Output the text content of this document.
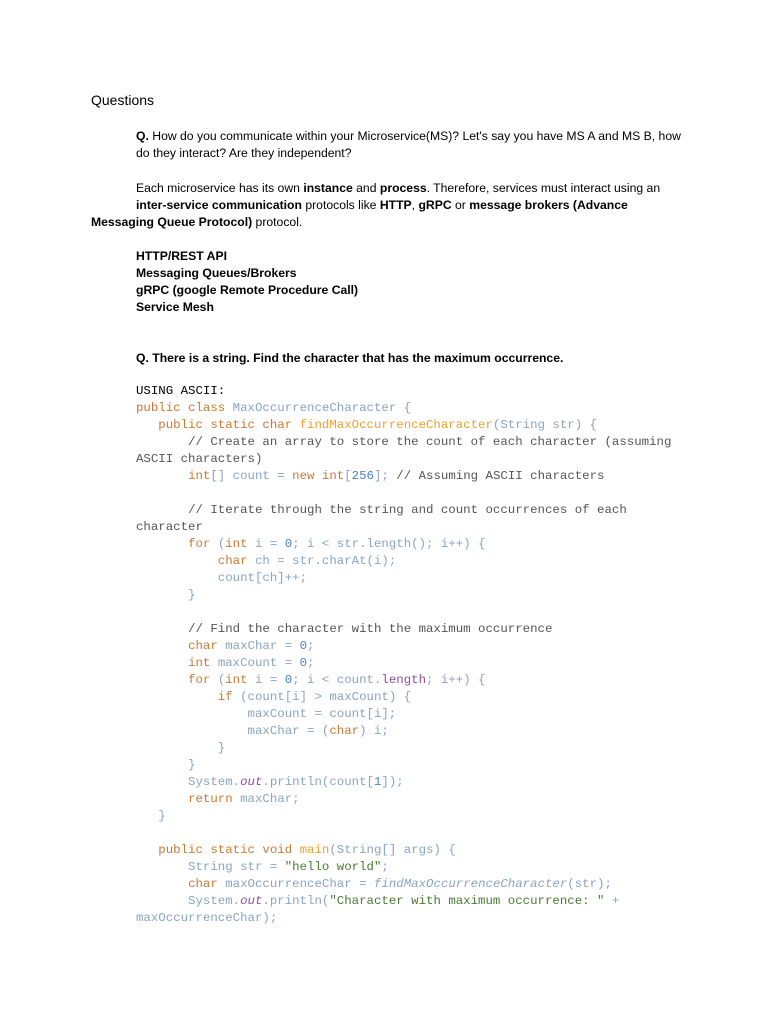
Questions

Q. How do you communicate within your Microservice(MS)? Let's say you have MS A and MS B, how do they interact? Are they independent?

Each microservice has its own instance and process. Therefore, services must interact using an
inter-service communication protocols like HTTP, gRPC or message brokers (Advance
Messaging Queue Protocol) protocol.

HTTP/REST API
Messaging Queues/Brokers
gRPC (google Remote Procedure Call)
Service Mesh

Q. There is a string. Find the character that has the maximum occurrence.

USING ASCII:
public class MaxOccurrenceCharacter {
public static char findMaxOccurrenceCharacter(String str) {
// Create an array to store the count of each character (assuming
ASCII characters)
int[] count = new int[256]; // Assuming ASCII characters

// Iterate through the string and count occurrences of each
character
for (int i = 0; i < str.length(); i++) {
char ch = str.charAt(i);
count[ch]++;
}

// Find the character with the maximum occurrence
char maxChar = 0;
int maxCount = 0;
for (int i = 0; i < count.length; i++) {
if (count[i] > maxCount) {
maxCount = count[i];
maxChar = (char) i;
}
}
System.out.println(count[1]);
return maxChar;
}

public static void main(String[] args) {
String str = "hello world";
char maxOccurrenceChar = findMaxOccurrenceCharacter(str);
System.out.println("Character with maximum occurrence: " +
maxOccurrenceChar);
